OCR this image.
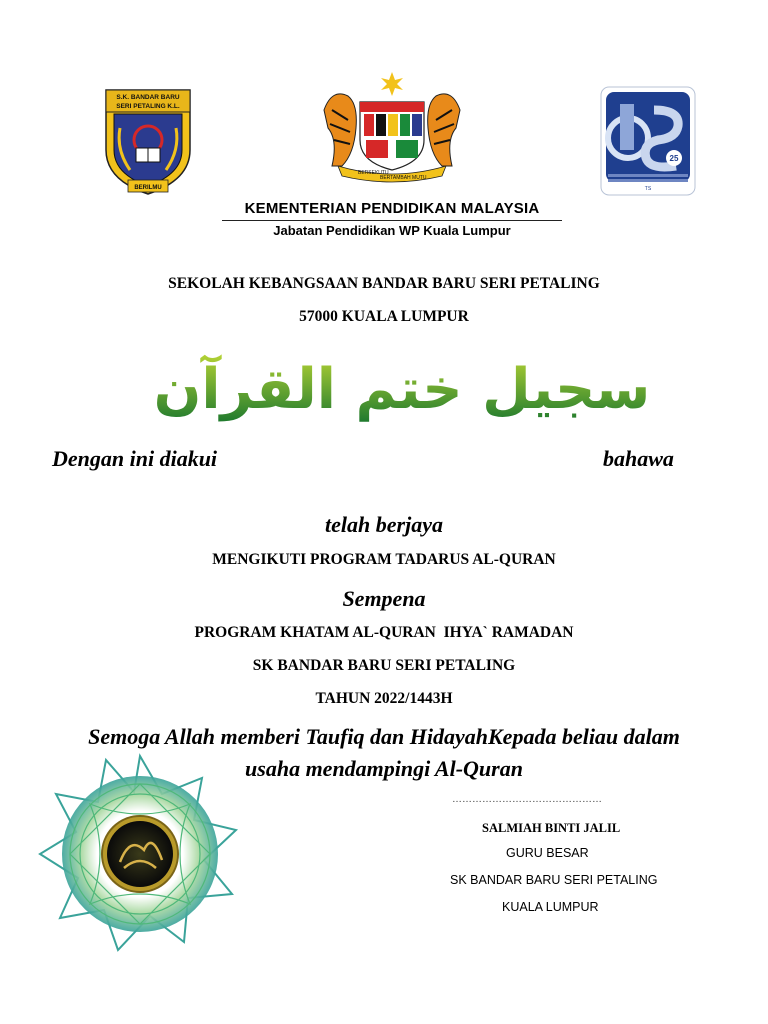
S.K. BANDAR BARU
SERI PETALING K.L.
BERILMU
BERSEKUTU
BERTAMBAH MUTU
25
TS
KEMENTERIAN PENDIDIKAN MALAYSIA
Jabatan Pendidikan WP Kuala Lumpur
SEKOLAH KEBANGSAAN BANDAR BARU SERI PETALING
57000 KUALA LUMPUR
سجيل ختم القرآن
Dengan ini diakui	bahawa
telah berjaya
MENGIKUTI PROGRAM TADARUS AL-QURAN
Sempena
PROGRAM KHATAM AL-QURAN  IHYA` RAMADAN
SK BANDAR BARU SERI PETALING
TAHUN 2022/1443H
Semoga Allah memberi Taufiq dan HidayahKepada beliau dalam
usaha mendampingi Al-Quran
………………………………………
SALMIAH BINTI JALIL
GURU BESAR
SK BANDAR BARU SERI PETALING
KUALA LUMPUR
